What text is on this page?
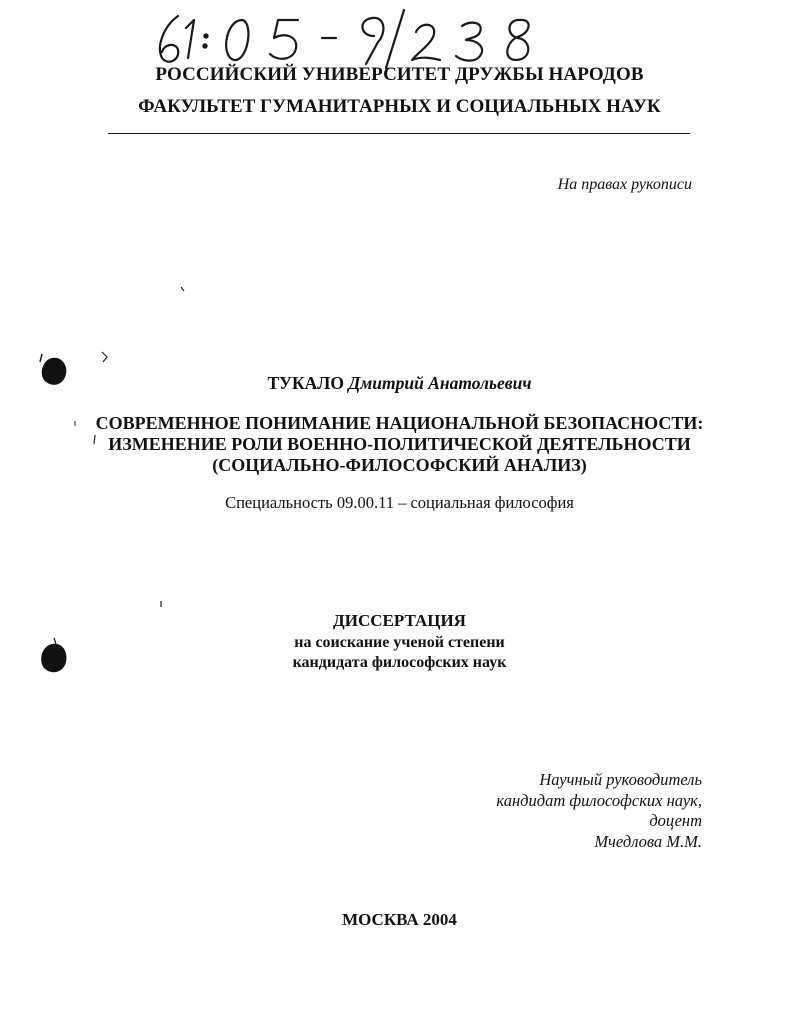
РОССИЙСКИЙ УНИВЕРСИТЕТ ДРУЖБЫ НАРОДОВ
ФАКУЛЬТЕТ ГУМАНИТАРНЫХ И СОЦИАЛЬНЫХ НАУК
На правах рукописи
ТУКАЛО Дмитрий Анатольевич
СОВРЕМЕННОЕ ПОНИМАНИЕ НАЦИОНАЛЬНОЙ БЕЗОПАСНОСТИ:
ИЗМЕНЕНИЕ РОЛИ ВОЕННО-ПОЛИТИЧЕСКОЙ ДЕЯТЕЛЬНОСТИ
(СОЦИАЛЬНО-ФИЛОСОФСКИЙ АНАЛИЗ)
Специальность 09.00.11 – социальная философия
ДИССЕРТАЦИЯ
на соискание ученой степени
кандидата философских наук
Научный руководитель
кандидат философских наук,
доцент
Мчедлова М.М.
МОСКВА 2004
